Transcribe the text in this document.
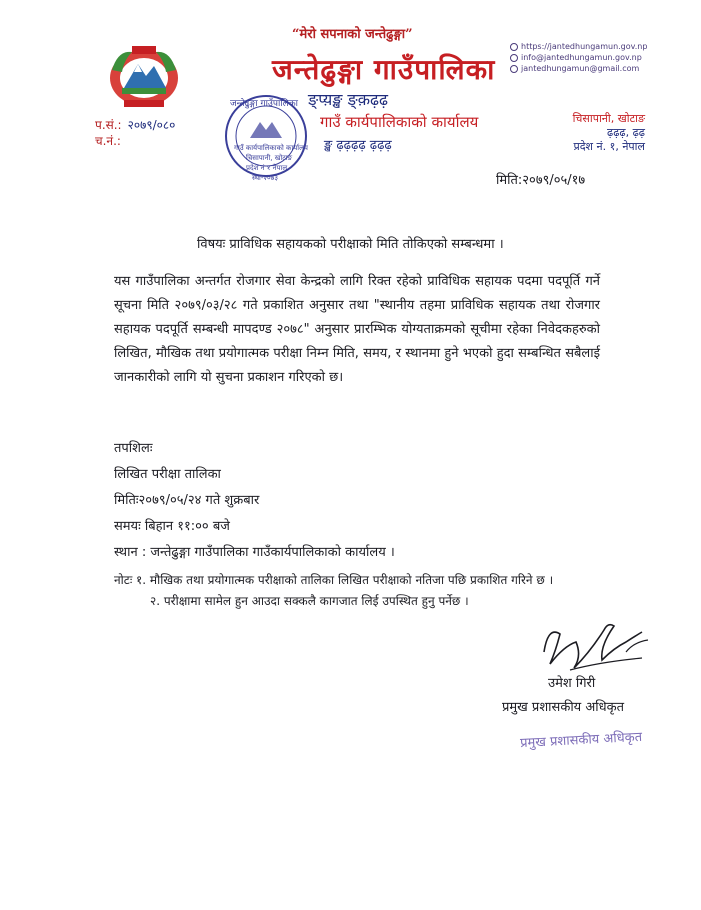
“मेरो सपनाको जन्तेढुङ्गा”
जन्तेढुङ्गा गाउँपालिका
ङ्प्य़ङ्ख ङ्क़ढ़ढ़
गाउँ कार्यपालिकाको कार्यालय
ङ्ख ढ़ढ़ढ़ढ़ ढ़ढ़ढ़
https://jantedhungamun.gov.np
info@jantedhungamun.gov.np
jantedhungamun@gmail.com
चिसापानी, खोटाङ
ढ़ढ़ढ़, ढ़ढ़
प्रदेश नं. १, नेपाल
प.सं.: २०७९/०८०
च.नं.:
जन्तेढुङ्गा गाउँपालिका
गाउँ कार्यपालिकाको कार्यालय
चिसापानी, खोटाङ
प्रदेश नं १ नेपाल
स्था-२०७३	मिति:२०७९/०५/१७
विषयः प्राविधिक सहायकको परीक्षाको मिति तोकिएको सम्बन्धमा ।
यस गाउँपालिका अन्तर्गत रोजगार सेवा केन्द्रको लागि रिक्त रहेको प्राविधिक सहायक पदमा पदपूर्ति गर्ने सूचना मिति २०७९/०३/२८ गते प्रकाशित अनुसार तथा "स्थानीय तहमा प्राविधिक सहायक तथा रोजगार सहायक पदपूर्ति सम्बन्धी मापदण्ड २०७८" अनुसार प्रारम्भिक योग्यताक्रमको सूचीमा रहेका निवेदकहरुको लिखित, मौखिक तथा प्रयोगात्मक परीक्षा निम्न मिति, समय, र स्थानमा हुने भएको हुदा सम्बन्धित सबैलाई जानकारीको लागि यो सुचना प्रकाशन गरिएको छ।
तपशिलः
लिखित परीक्षा तालिका
मितिः२०७९/०५/२४ गते शुक्रबार
समयः बिहान ११:०० बजे
स्थान : जन्तेढुङ्गा गाउँपालिका गाउँकार्यपालिकाको कार्यालय ।
नोटः १. मौखिक तथा प्रयोगात्मक परीक्षाको तालिका लिखित परीक्षाको नतिजा पछि प्रकाशित गरिने छ ।
२. परीक्षामा सामेल हुन आउदा सक्कलै कागजात लिई उपस्थित हुनु पर्नेछ ।
उमेश गिरी
प्रमुख प्रशासकीय अधिकृत
प्रमुख प्रशासकीय अधिकृत
